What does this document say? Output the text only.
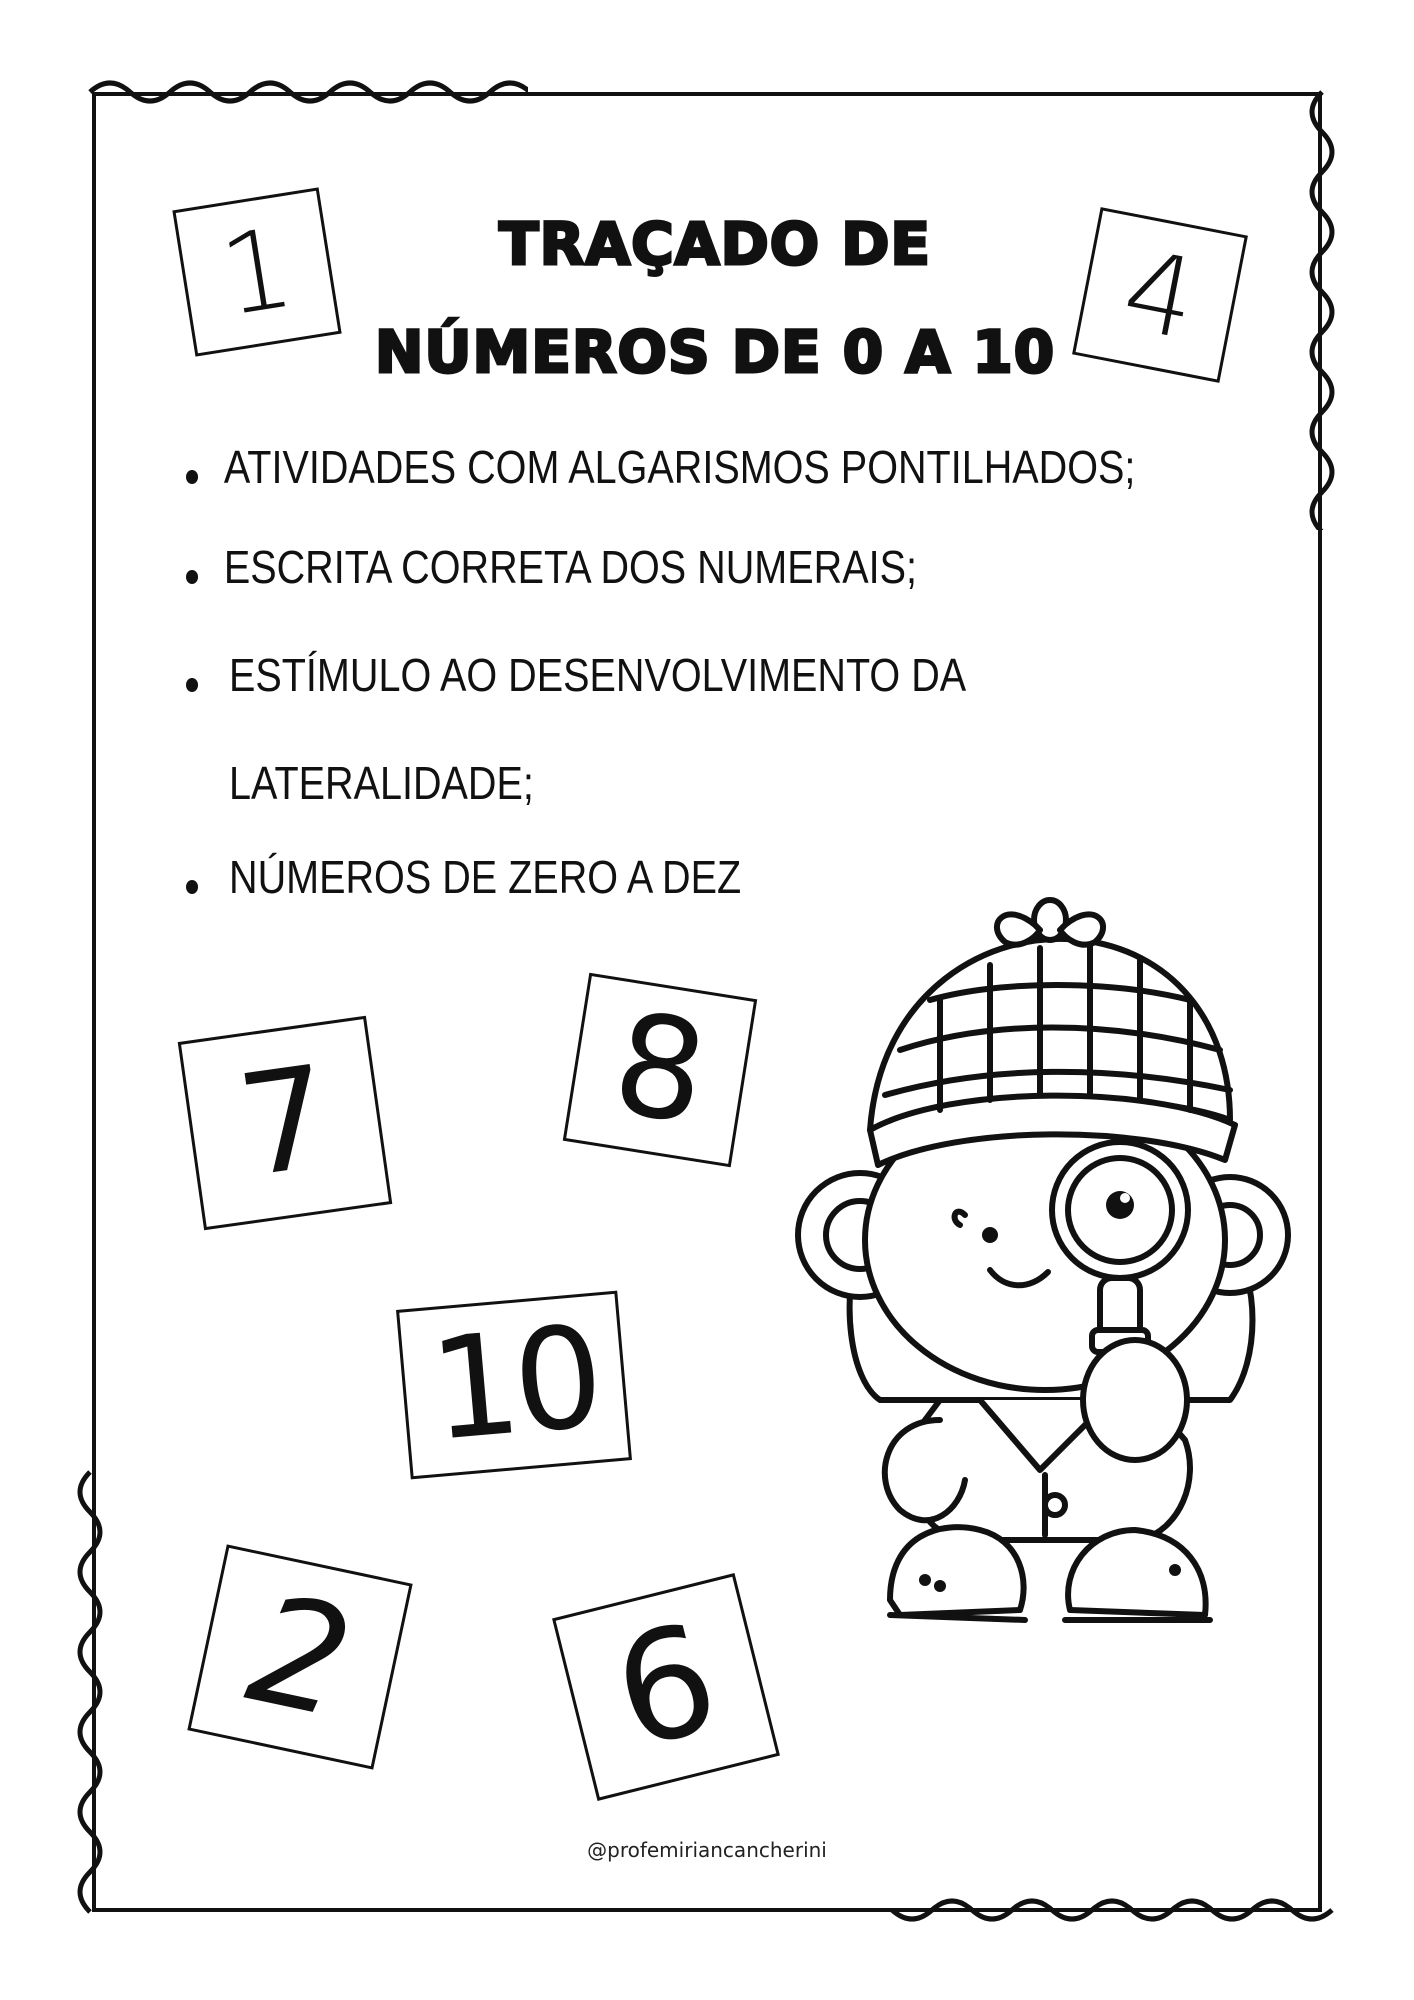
TRAÇADO DE
NÚMEROS DE 0 A 10
ATIVIDADES COM ALGARISMOS PONTILHADOS;
ESCRITA CORRETA DOS NUMERAIS;
ESTÍMULO AO DESENVOLVIMENTO DA
LATERALIDADE;
NÚMEROS DE ZERO A DEZ
1	4
7 8
10
2 6
@profemiriancancherini
